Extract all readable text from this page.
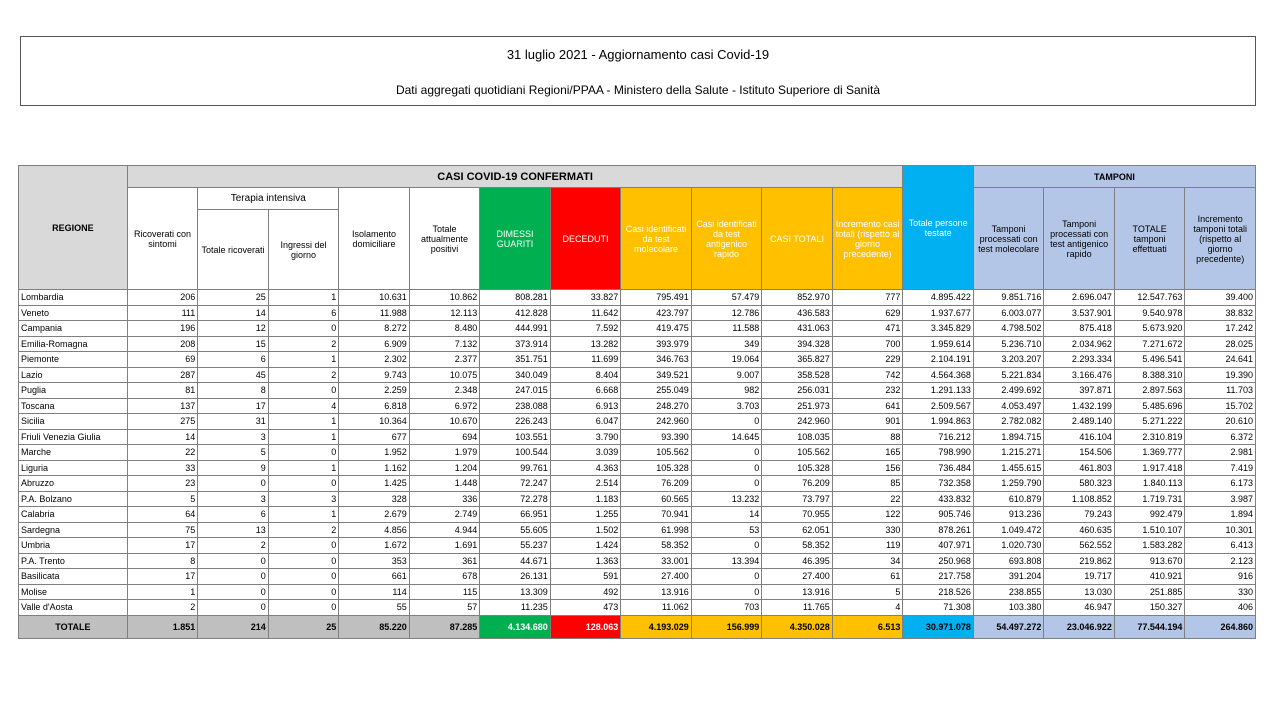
31 luglio 2021 - Aggiornamento casi Covid-19
Dati aggregati quotidiani Regioni/PPAA - Ministero della Salute - Istituto Superiore di Sanità
REGIONE	CASI COVID-19 CONFERMATI											Totale persone testate	TAMPONI			
	Ricoverati con sintomi	Terapia intensiva		Isolamento domiciliare	Totale attualmente positivi	DIMESSI GUARITI	DECEDUTI	Casi identificati da test molecolare	Casi identificati da test antigenico rapido	CASI TOTALI	Incremento casi totali (rispetto al giorno precedente)		Tamponi processati con test molecolare	Tamponi processati con test antigenico rapido	TOTALE tamponi effettuati	Incremento tamponi totali (rispetto al giorno precedente)
		Totale ricoverati	Ingressi del giorno													
Lombardia	206	25	1	10.631	10.862	808.281	33.827	795.491	57.479	852.970	777	4.895.422	9.851.716	2.696.047	12.547.763	39.400
Veneto	111	14	6	11.988	12.113	412.828	11.642	423.797	12.786	436.583	629	1.937.677	6.003.077	3.537.901	9.540.978	38.832
Campania	196	12	0	8.272	8.480	444.991	7.592	419.475	11.588	431.063	471	3.345.829	4.798.502	875.418	5.673.920	17.242
Emilia-Romagna	208	15	2	6.909	7.132	373.914	13.282	393.979	349	394.328	700	1.959.614	5.236.710	2.034.962	7.271.672	28.025
Piemonte	69	6	1	2.302	2.377	351.751	11.699	346.763	19.064	365.827	229	2.104.191	3.203.207	2.293.334	5.496.541	24.641
Lazio	287	45	2	9.743	10.075	340.049	8.404	349.521	9.007	358.528	742	4.564.368	5.221.834	3.166.476	8.388.310	19.390
Puglia	81	8	0	2.259	2.348	247.015	6.668	255.049	982	256.031	232	1.291.133	2.499.692	397.871	2.897.563	11.703
Toscana	137	17	4	6.818	6.972	238.088	6.913	248.270	3.703	251.973	641	2.509.567	4.053.497	1.432.199	5.485.696	15.702
Sicilia	275	31	1	10.364	10.670	226.243	6.047	242.960	0	242.960	901	1.994.863	2.782.082	2.489.140	5.271.222	20.610
Friuli Venezia Giulia	14	3	1	677	694	103.551	3.790	93.390	14.645	108.035	88	716.212	1.894.715	416.104	2.310.819	6.372
Marche	22	5	0	1.952	1.979	100.544	3.039	105.562	0	105.562	165	798.990	1.215.271	154.506	1.369.777	2.981
Liguria	33	9	1	1.162	1.204	99.761	4.363	105.328	0	105.328	156	736.484	1.455.615	461.803	1.917.418	7.419
Abruzzo	23	0	0	1.425	1.448	72.247	2.514	76.209	0	76.209	85	732.358	1.259.790	580.323	1.840.113	6.173
P.A. Bolzano	5	3	3	328	336	72.278	1.183	60.565	13.232	73.797	22	433.832	610.879	1.108.852	1.719.731	3.987
Calabria	64	6	1	2.679	2.749	66.951	1.255	70.941	14	70.955	122	905.746	913.236	79.243	992.479	1.894
Sardegna	75	13	2	4.856	4.944	55.605	1.502	61.998	53	62.051	330	878.261	1.049.472	460.635	1.510.107	10.301
Umbria	17	2	0	1.672	1.691	55.237	1.424	58.352	0	58.352	119	407.971	1.020.730	562.552	1.583.282	6.413
P.A. Trento	8	0	0	353	361	44.671	1.363	33.001	13.394	46.395	34	250.968	693.808	219.862	913.670	2.123
Basilicata	17	0	0	661	678	26.131	591	27.400	0	27.400	61	217.758	391.204	19.717	410.921	916
Molise	1	0	0	114	115	13.309	492	13.916	0	13.916	5	218.526	238.855	13.030	251.885	330
Valle d'Aosta	2	0	0	55	57	11.235	473	11.062	703	11.765	4	71.308	103.380	46.947	150.327	406
TOTALE	1.851	214	25	85.220	87.285	4.134.680	128.063	4.193.029	156.999	4.350.028	6.513	30.971.078	54.497.272	23.046.922	77.544.194	264.860
